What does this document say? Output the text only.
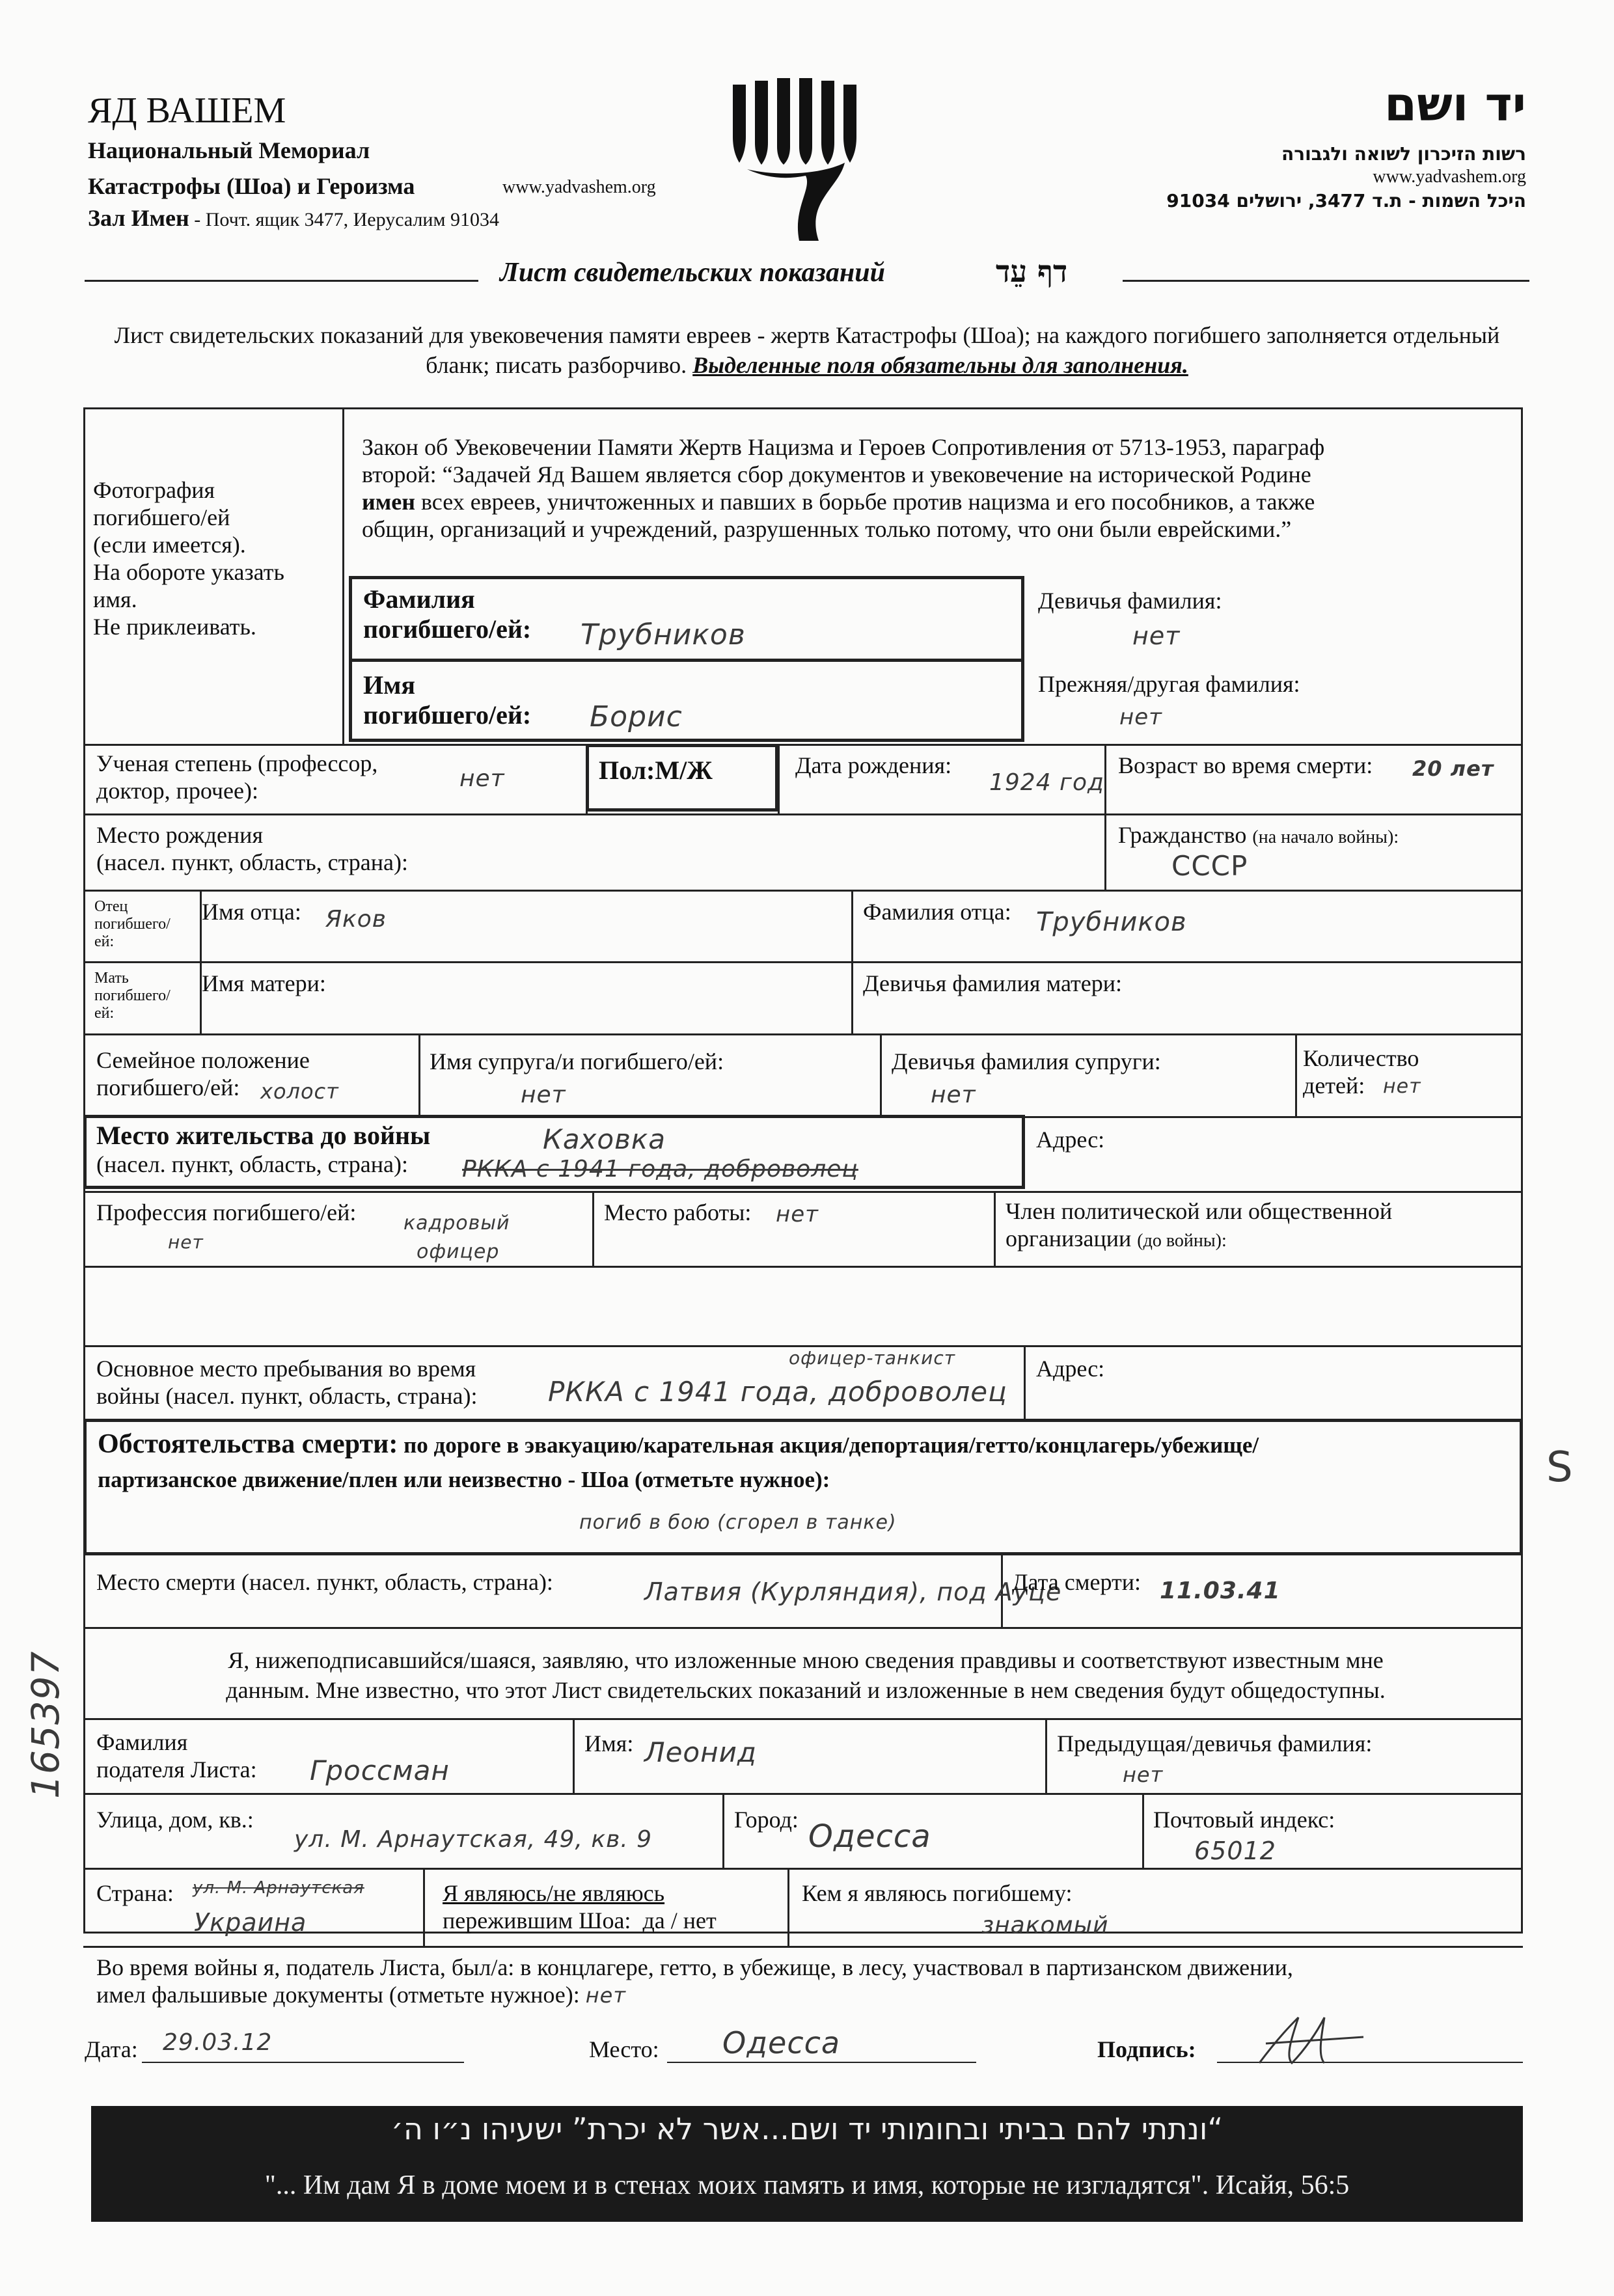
ЯД ВАШЕМ
Национальный Мемориал
Катастрофы (Шоа) и Героизма	www.yadvashem.org
Зал Имен - Почт. ящик 3477, Иерусалим 91034
יד ושם
רשות הזיכרון לשואה ולגבורה
www.yadvashem.org
היכל השמות - ת.ד 3477, ירושלים 91034
Лист свидетельских показаний	דף עֵד
Лист свидетельских показаний для увековечения памяти евреев - жертв Катастрофы (Шоа); на каждого погибшего заполняется отдельный бланк; писать разборчиво. Выделенные поля обязательны для заполнения.
Фотография
погибшего/ей
(если имеется).
На обороте указать
имя.
Не приклеивать.
Закон об Увековечении Памяти Жертв Нацизма и Героев Сопротивления от 5713-1953, параграф
второй: “Задачей Яд Вашем является сбор документов и увековечение на исторической Родине
имен всех евреев, уничтоженных и павших в борьбе против нацизма и его пособников, а также
общин, организаций и учреждений, разрушенных только потому, что они были еврейскими.”
Фамилия
погибшего/ей: Трубников
Девичья фамилия:
нет
Имя
погибшего/ей: Борис
Прежняя/другая фамилия:
нет
Ученая степень (профессор,
доктор, прочее):	нет	Пол:М/Ж	Дата рождения:
1924 год
Возраст во время смерти: 20 лет
Место рождения
(насел. пункт, область, страна):
Гражданство (на начало войны):
СССР
Отец
погибшего/
ей:
Имя отца: Яков	Фамилия отца: Трубников
Мать
погибшего/
ей:
Имя матери:	Девичья фамилия матери:
Семейное положение
погибшего/ей: холост
Имя супруга/и погибшего/ей:
нет
Девичья фамилия супруги:
нет
Количество
детей: нет
Место жительства до войны
(насел. пункт, область, страна):
Каховка
РККА с 1941 года, доброволец
Адрес:
Профессия погибшего/ей: кадровый
офицер
нет
Место работы: нет	Член политической или общественной
организации (до войны):
Основное место пребывания во время
войны (насел. пункт, область, страна):
офицер-танкист
РККА с 1941 года, доброволец
Адрес:
Обстоятельства смерти: по дороге в эвакуацию/карательная акция/депортация/гетто/концлагерь/убежище/
партизанское движение/плен или неизвестно - Шоа (отметьте нужное):
погиб в бою (сгорел в танке)
Место смерти (насел. пункт, область, страна):	Латвия (Курляндия), под Ауце
Дата смерти: 11.03.41
Я, нижеподписавшийся/шаяся, заявляю, что изложенные мною сведения правдивы и соответствуют известным мне
данным. Мне известно, что этот Лист свидетельских показаний и изложенные в нем сведения будут общедоступны.
Фамилия
подателя Листа: Гроссман
Имя: Леонид	Предыдущая/девичья фамилия:
нет
Улица, дом, кв.:
ул. М. Арнаутская, 49, кв. 9
Город: Одесса	Почтовый индекс:
65012
Страна: ул. М. Арнаутская
Украина
Я являюсь/не являюсь
пережившим Шоа: да / нет
Кем я являюсь погибшему:
знакомый
Во время войны я, податель Листа, был/а: в концлагере, гетто, в убежище, в лесу, участвовал в партизанском движении,
имел фальшивые документы (отметьте нужное): нет
Дата: 29.03.12	Место: Одесса	Подпись:
“ונתתי להם בביתי ובחומותי יד ושם...אשר לא יכרת” ישעיהו נ״ו ה׳
"... Им дам Я в доме моем и в стенах моих память и имя, которые не изгладятся". Исайя, 56:5
165397
S
